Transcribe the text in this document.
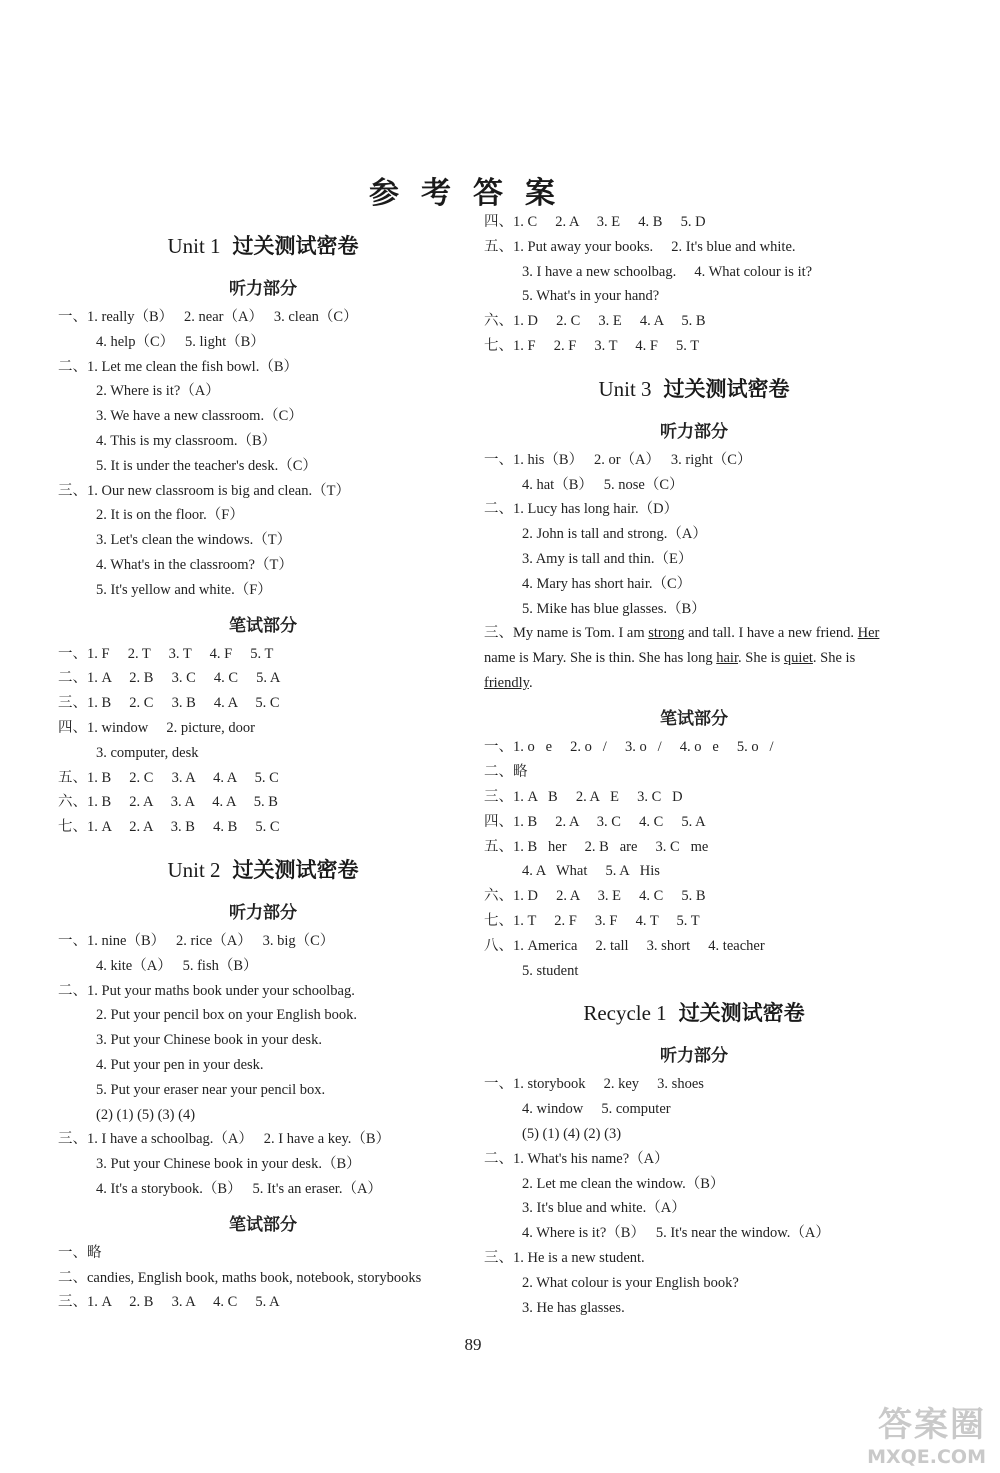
参考答案
Unit 1 过关测试密卷
听力部分
一、1. really（B）   2. near（A）   3. clean（C）
4. help（C）   5. light（B）
二、1. Let me clean the fish bowl.（B）
2. Where is it?（A）
3. We have a new classroom.（C）
4. This is my classroom.（B）
5. It is under the teacher's desk.（C）
三、1. Our new classroom is big and clean.（T）
2. It is on the floor.（F）
3. Let's clean the windows.（T）
4. What's in the classroom?（T）
5. It's yellow and white.（F）
笔试部分
一、1. F     2. T     3. T     4. F     5. T
二、1. A     2. B     3. C     4. C     5. A
三、1. B     2. C     3. B     4. A     5. C
四、1. window     2. picture, door
3. computer, desk
五、1. B     2. C     3. A     4. A     5. C
六、1. B     2. A     3. A     4. A     5. B
七、1. A     2. A     3. B     4. B     5. C
Unit 2 过关测试密卷
听力部分
一、1. nine（B）   2. rice（A）   3. big（C）
4. kite（A）   5. fish（B）
二、1. Put your maths book under your schoolbag.
2. Put your pencil box on your English book.
3. Put your Chinese book in your desk.
4. Put your pen in your desk.
5. Put your eraser near your pencil box.
(2) (1) (5) (3) (4)
三、1. I have a schoolbag.（A）   2. I have a key.（B）
3. Put your Chinese book in your desk.（B）
4. It's a storybook.（B）   5. It's an eraser.（A）
笔试部分
一、略
二、candies, English book, maths book, notebook, storybooks
三、1. A     2. B     3. A     4. C     5. A
四、1. C     2. A     3. E     4. B     5. D
五、1. Put away your books.     2. It's blue and white.
3. I have a new schoolbag.     4. What colour is it?
5. What's in your hand?
六、1. D     2. C     3. E     4. A     5. B
七、1. F     2. F     3. T     4. F     5. T
Unit 3 过关测试密卷
听力部分
一、1. his（B）   2. or（A）   3. right（C）
4. hat（B）   5. nose（C）
二、1. Lucy has long hair.（D）
2. John is tall and strong.（A）
3. Amy is tall and thin.（E）
4. Mary has short hair.（C）
5. Mike has blue glasses.（B）
三、My name is Tom. I am strong and tall. I have a new friend. Her name is Mary. She is thin. She has long hair. She is quiet. She is friendly.
笔试部分
一、1. o   e     2. o   /     3. o   /     4. o   e     5. o   /
二、略
三、1. A   B     2. A   E     3. C   D
四、1. B     2. A     3. C     4. C     5. A
五、1. B   her     2. B   are     3. C   me
4. A   What     5. A   His
六、1. D     2. A     3. E     4. C     5. B
七、1. T     2. F     3. F     4. T     5. T
八、1. America     2. tall     3. short     4. teacher
5. student
Recycle 1 过关测试密卷
听力部分
一、1. storybook     2. key     3. shoes
4. window     5. computer
(5) (1) (4) (2) (3)
二、1. What's his name?（A）
2. Let me clean the window.（B）
3. It's blue and white.（A）
4. Where is it?（B）   5. It's near the window.（A）
三、1. He is a new student.
2. What colour is your English book?
3. He has glasses.
89
答案圈
MXQE.COM
